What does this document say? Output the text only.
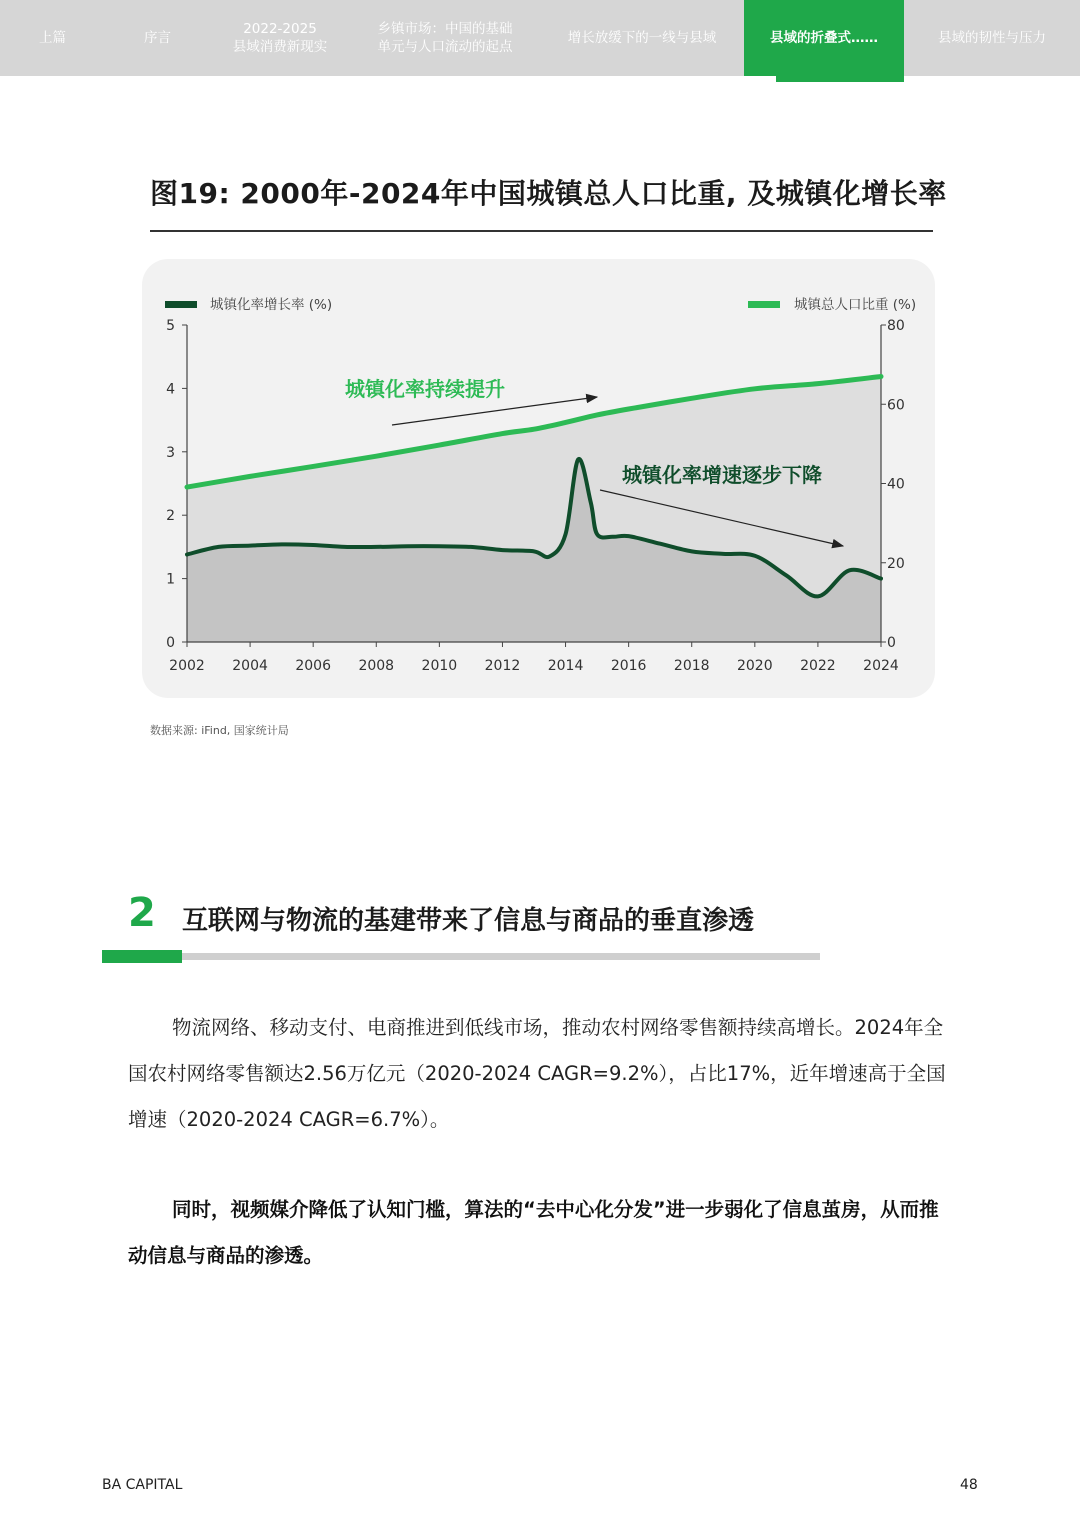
上篇	序言
2022-2025
县域消费新现实
乡镇市场：中国的基础
单元与人口流动的起点
增长放缓下的一线与县域	县域的折叠式……	县域的韧性与压力
图19: 2000年-2024年中国城镇总人口比重, 及城镇化增长率
0
1
2
3
4
5
0
20
40
60
80
2002 2004 2006 2008 2010 2012 2014 2016 2018 2020 2022 2024
城镇化率持续提升
城镇化率增速逐步下降
城镇化率增长率 (%)	城镇总人口比重 (%)
数据来源: iFind, 国家统计局
2 互联网与物流的基建带来了信息与商品的垂直渗透
物流网络、移动支付、电商推进到低线市场，推动农村网络零售额持续高增长。2024年全国农村网络零售额达2.56万亿元（2020-2024 CAGR=9.2%），占比17%，近年增速高于全国增速（2020-2024 CAGR=6.7%）。
同时，视频媒介降低了认知门槛，算法的“去中心化分发”进一步弱化了信息茧房，从而推动信息与商品的渗透。
BA CAPITAL	48
